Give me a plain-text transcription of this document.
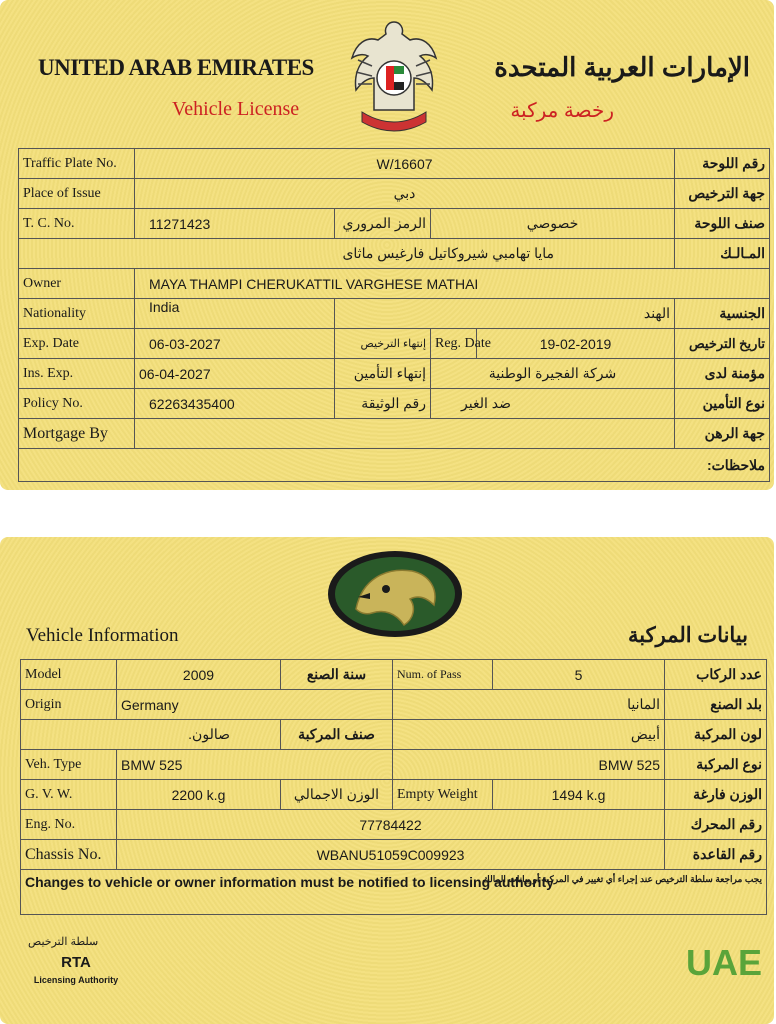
UNITED ARAB EMIRATES
Vehicle License
الإمارات العربية المتحدة
رخصة مركبة
Traffic Plate No.	W/16607				رقم اللوحة
Place of Issue	دبي				جهة الترخيص
T. C. No.	11271423	الرمز المروري	خصوصي		صنف اللوحة
مايا تهامبي شيروكاتيل فارغيس ماثاى					المـالـك
Owner	MAYA THAMPI CHERUKATTIL VARGHESE MATHAI				
Nationality	India	الهند			الجنسية
Exp. Date	06-03-2027	إنتهاء الترخيص	Reg. Date	19-02-2019	تاريخ الترخيص
Ins. Exp.	06-04-2027	إنتهاء التأمين	شركة الفجيرة الوطنية		مؤمنة لدى
Policy No.	62263435400	رقم الوثيقة	ضد الغير		نوع التأمين
Mortgage By					جهة الرهن
ملاحظات:					
Vehicle Information	بيانات المركبة
Model	2009	سنة الصنع	Num. of Pass	5	عدد الركاب
Origin	Germany		المانيا		بلد الصنع
صالون.		صنف المركبة	أبيض		لون المركبة
Veh. Type	BMW 525		BMW 525		نوع المركبة
G. V. W.	2200 k.g	الوزن الاجمالي	Empty Weight	1494 k.g	الوزن فارغة
Eng. No.	77784422				رقم المحرك
Chassis No.	WBANU51059C009923				رقم القاعدة
Changes to vehicle or owner information must be notified to licensing authority			يجب مراجعة سلطة الترخيص عند إجراء أي تغيير في المركبة أو بيانات المالك		
سلطة الترخيص
RTA
Licensing Authority	UAE
